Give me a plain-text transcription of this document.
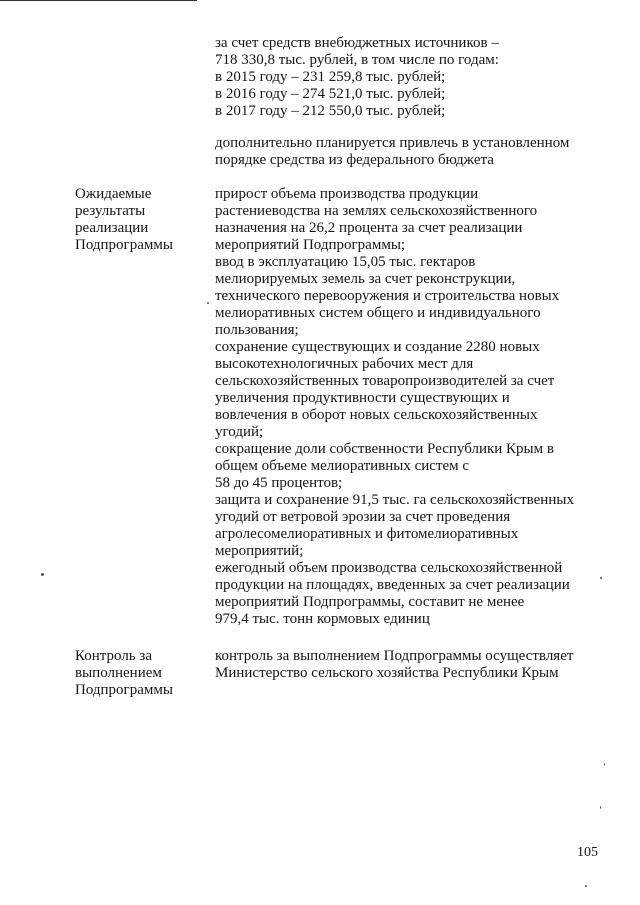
за счет средств внебюджетных источников –
718 330,8 тыс. рублей, в том числе по годам:
в 2015 году – 231 259,8 тыс. рублей;
в 2016 году – 274 521,0 тыс. рублей;
в 2017 году – 212 550,0 тыс. рублей;
дополнительно планируется привлечь в установленном
порядке средства из федерального бюджета
Ожидаемые
результаты
реализации
Подпрограммы
прирост объема производства продукции
растениеводства на землях сельскохозяйственного
назначения на 26,2 процента за счет реализации
мероприятий Подпрограммы;
ввод в эксплуатацию 15,05 тыс. гектаров
мелиорируемых земель за счет реконструкции,
технического перевооружения и строительства новых
мелиоративных систем общего и индивидуального
пользования;
сохранение существующих и создание 2280 новых
высокотехнологичных рабочих мест для
сельскохозяйственных товаропроизводителей за счет
увеличения продуктивности существующих и
вовлечения в оборот новых сельскохозяйственных
угодий;
сокращение доли собственности Республики Крым в
общем объеме мелиоративных систем с
58 до 45 процентов;
защита и сохранение 91,5 тыс. га сельскохозяйственных
угодий от ветровой эрозии за счет проведения
агролесомелиоративных и фитомелиоративных
мероприятий;
ежегодный объем производства сельскохозяйственной
продукции на площадях, введенных за счет реализации
мероприятий Подпрограммы, составит не менее
979,4 тыс. тонн кормовых единиц
Контроль за
выполнением
Подпрограммы
контроль за выполнением Подпрограммы осуществляет
Министерство сельского хозяйства Республики Крым
105
